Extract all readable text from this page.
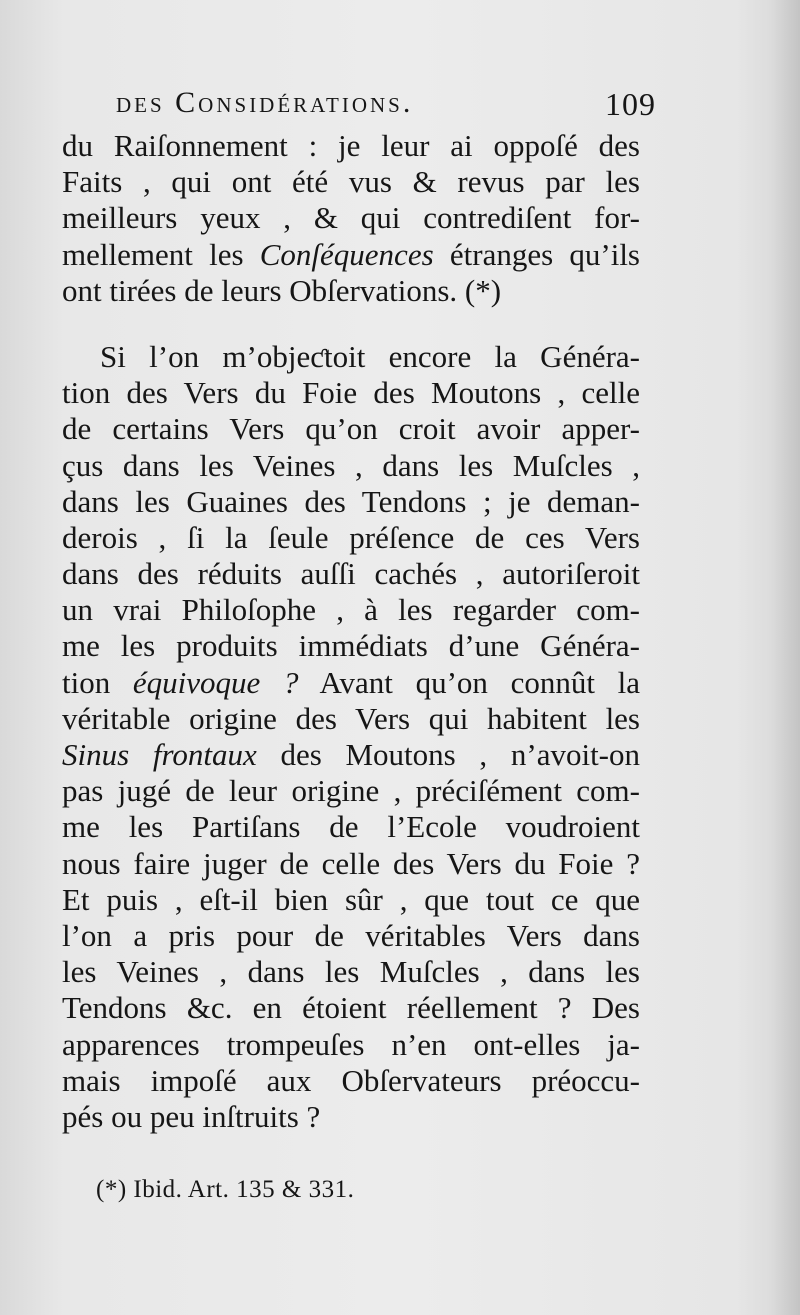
des Considérations.	109
du Raiſonnement : je leur ai oppoſé des
Faits , qui ont été vus & revus par les
meilleurs yeux , & qui contrediſent for-
mellement les Conſéquences étranges qu’ils
ont tirées de leurs Obſervations. (*)
Si l’on m’objeƈtoit encore la Généra-
tion des Vers du Foie des Moutons , celle
de certains Vers qu’on croit avoir apper-
çus dans les Veines , dans les Muſcles ,
dans les Guaines des Tendons ; je deman-
derois , ſi la ſeule préſence de ces Vers
dans des réduits auſſi cachés , autoriſeroit
un vrai Philoſophe , à les regarder com-
me les produits immédiats d’une Généra-
tion équivoque ? Avant qu’on connût la
véritable origine des Vers qui habitent les
Sinus frontaux des Moutons , n’avoit-on
pas jugé de leur origine , préciſément com-
me les Partiſans de l’Ecole voudroient
nous faire juger de celle des Vers du Foie ?
Et puis , eſt-il bien sûr , que tout ce que
l’on a pris pour de véritables Vers dans
les Veines , dans les Muſcles , dans les
Tendons &c. en étoient réellement ? Des
apparences trompeuſes n’en ont-elles ja-
mais impoſé aux Obſervateurs préoccu-
pés ou peu inſtruits ?
(*) Ibid. Art. 135 & 331.
